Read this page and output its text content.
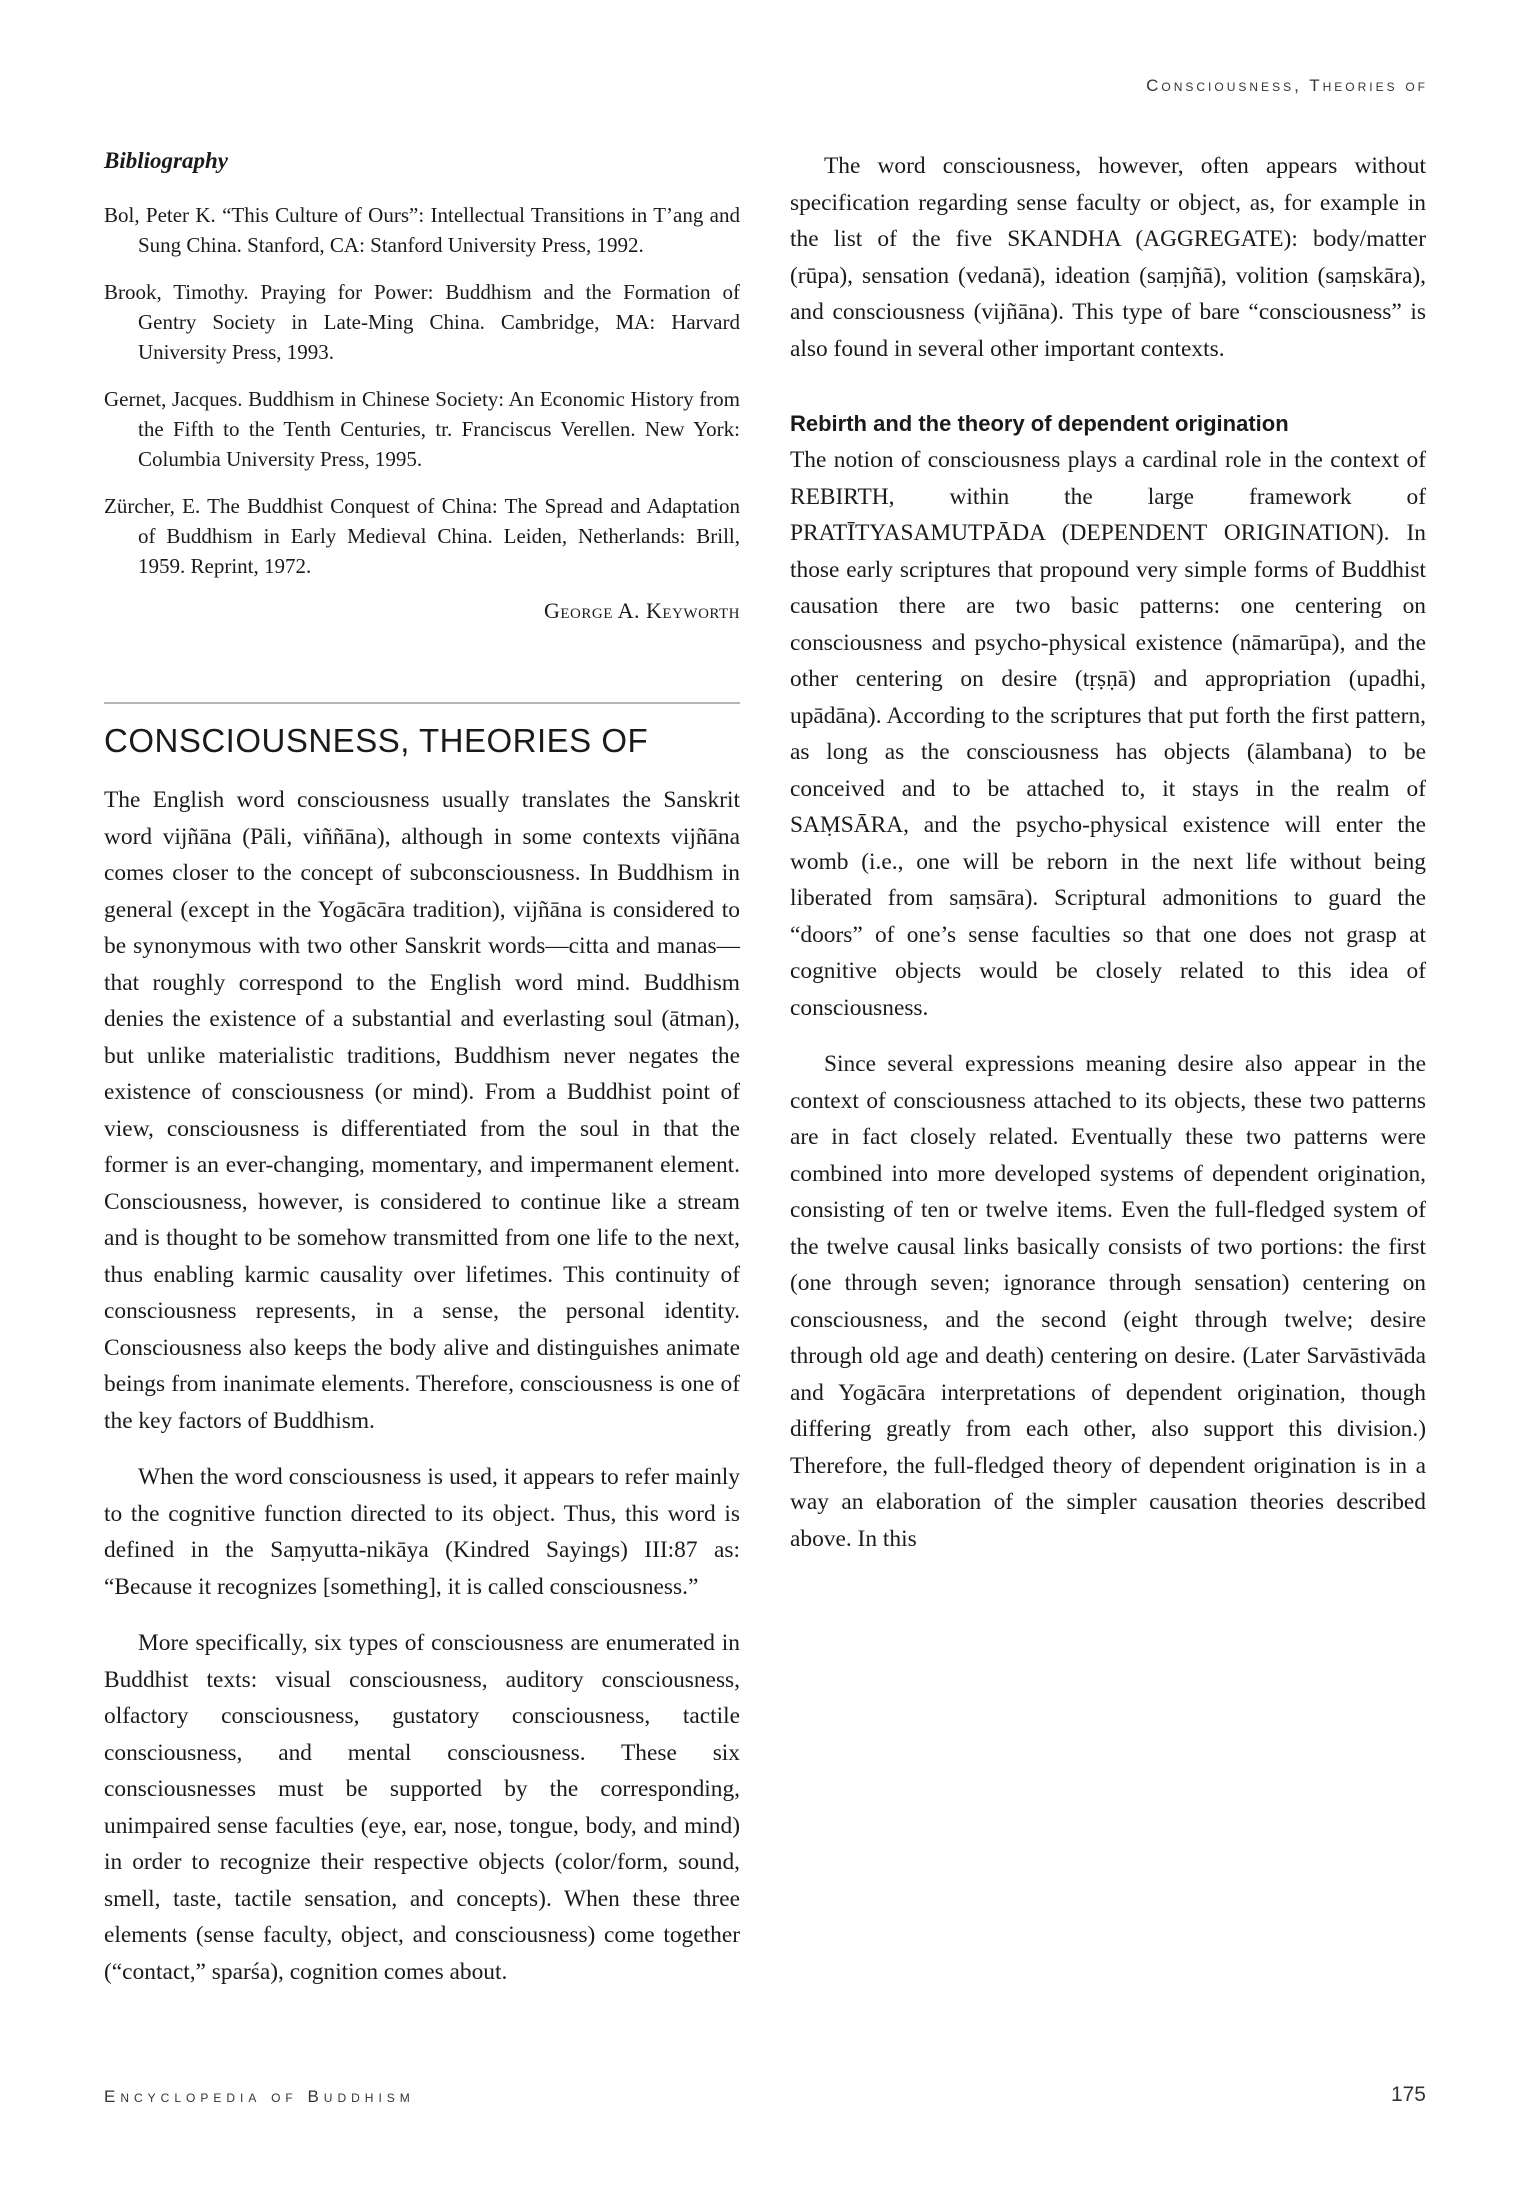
Consciousness, Theories of
Bibliography

Bol, Peter K. “This Culture of Ours”: Intellectual Transitions in T’ang and Sung China. Stanford, CA: Stanford University Press, 1992.

Brook, Timothy. Praying for Power: Buddhism and the Formation of Gentry Society in Late-Ming China. Cambridge, MA: Harvard University Press, 1993.

Gernet, Jacques. Buddhism in Chinese Society: An Economic History from the Fifth to the Tenth Centuries, tr. Franciscus Verellen. New York: Columbia University Press, 1995.

Zürcher, E. The Buddhist Conquest of China: The Spread and Adaptation of Buddhism in Early Medieval China. Leiden, Netherlands: Brill, 1959. Reprint, 1972.

George A. Keyworth
CONSCIOUSNESS, THEORIES OF

The English word consciousness usually translates the Sanskrit word vijñāna (Pāli, viññāna), although in some contexts vijñāna comes closer to the concept of subconsciousness. In Buddhism in general (except in the Yogācāra tradition), vijñāna is considered to be synonymous with two other Sanskrit words—citta and manas—that roughly correspond to the English word mind. Buddhism denies the existence of a substantial and everlasting soul (ātman), but unlike materialistic traditions, Buddhism never negates the existence of consciousness (or mind). From a Buddhist point of view, consciousness is differentiated from the soul in that the former is an ever-changing, momentary, and impermanent element. Consciousness, however, is considered to continue like a stream and is thought to be somehow transmitted from one life to the next, thus enabling karmic causality over lifetimes. This continuity of consciousness represents, in a sense, the personal identity. Consciousness also keeps the body alive and distinguishes animate beings from inanimate elements. Therefore, consciousness is one of the key factors of Buddhism.

When the word consciousness is used, it appears to refer mainly to the cognitive function directed to its object. Thus, this word is defined in the Saṃyutta-nikāya (Kindred Sayings) III:87 as: “Because it recognizes [something], it is called consciousness.”

More specifically, six types of consciousness are enumerated in Buddhist texts: visual consciousness, auditory consciousness, olfactory consciousness, gustatory consciousness, tactile consciousness, and mental consciousness. These six consciousnesses must be supported by the corresponding, unimpaired sense faculties (eye, ear, nose, tongue, body, and mind) in order to recognize their respective objects (color/form, sound, smell, taste, tactile sensation, and concepts). When these three elements (sense faculty, object, and consciousness) come together (“contact,” sparśa), cognition comes about.

The word consciousness, however, often appears without specification regarding sense faculty or object, as, for example in the list of the five SKANDHA (AGGREGATE): body/matter (rūpa), sensation (vedanā), ideation (saṃjñā), volition (saṃskāra), and consciousness (vijñāna). This type of bare “consciousness” is also found in several other important contexts.

Rebirth and the theory of dependent origination

The notion of consciousness plays a cardinal role in the context of REBIRTH, within the large framework of PRATĪTYASAMUTPĀDA (DEPENDENT ORIGINATION). In those early scriptures that propound very simple forms of Buddhist causation there are two basic patterns: one centering on consciousness and psycho-physical existence (nāmarūpa), and the other centering on desire (tṛṣṇā) and appropriation (upadhi, upādāna). According to the scriptures that put forth the first pattern, as long as the consciousness has objects (ālambana) to be conceived and to be attached to, it stays in the realm of SAṂSĀRA, and the psycho-physical existence will enter the womb (i.e., one will be reborn in the next life without being liberated from saṃsāra). Scriptural admonitions to guard the “doors” of one’s sense faculties so that one does not grasp at cognitive objects would be closely related to this idea of consciousness.

Since several expressions meaning desire also appear in the context of consciousness attached to its objects, these two patterns are in fact closely related. Eventually these two patterns were combined into more developed systems of dependent origination, consisting of ten or twelve items. Even the full-fledged system of the twelve causal links basically consists of two portions: the first (one through seven; ignorance through sensation) centering on consciousness, and the second (eight through twelve; desire through old age and death) centering on desire. (Later Sarvāstivāda and Yogācāra interpretations of dependent origination, though differing greatly from each other, also support this division.) Therefore, the full-fledged theory of dependent origination is in a way an elaboration of the simpler causation theories described above. In this

Encyclopedia of Buddhism	175
